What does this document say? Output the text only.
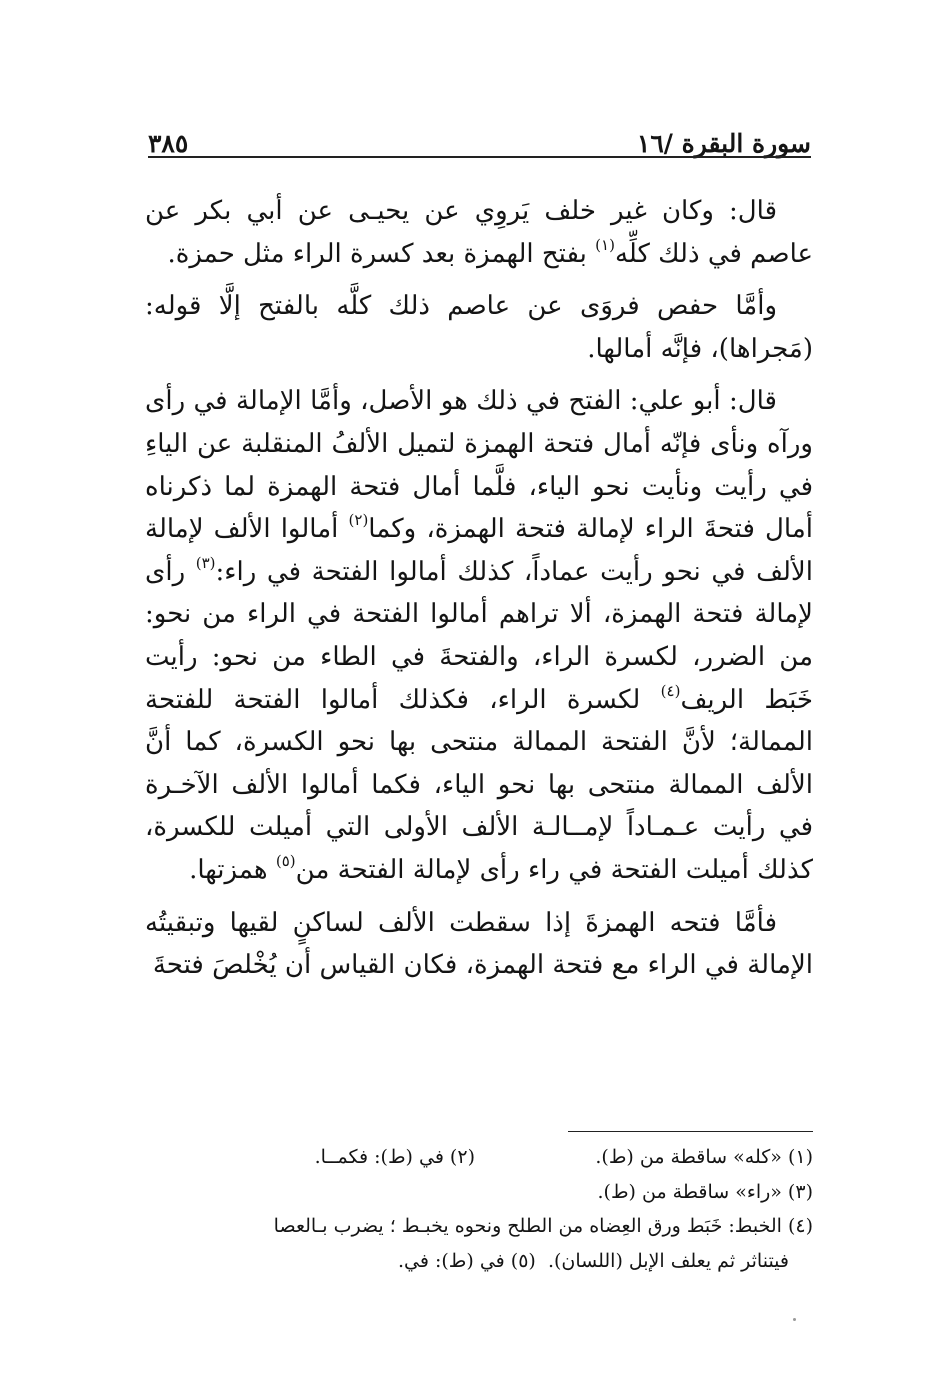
سورة البقرة /١٦
٣٨٥

قال: وكان غير خلف يَروِي عن يحيـى عن أبي بكر عن عاصم في ذلك كلِّه$^{(١)}$ بفتح الهمزة بعد كسرة الراء مثل حمزة.

وأمَّا حفص فروَى عن عاصم ذلك كلَّه بالفتح إلَّا قوله: (مَجراها)، فإنَّه أمالها.

قال: أبو علي: الفتح في ذلك هو الأصل، وأمَّا الإمالة في رأى ورآه ونأى فإنّه أمال فتحة الهمزة لتميل الألفُ المنقلبة عن الياءِ في رأيت ونأيت نحو الياء، فلَّما أمال فتحة الهمزة لما ذكرناه أمال فتحةَ الراء لإمالة فتحة الهمزة، وكما$^{(٢)}$ أمالوا الألف لإمالة الألف في نحو رأيت عماداً، كذلك أمالوا الفتحة في راء:$^{(٣)}$ رأى لإمالة فتحة الهمزة، ألا تراهم أمالوا الفتحة في الراء من نحو: من الضرر، لكسرة الراء، والفتحةَ في الطاء من نحو: رأيت خَبَط الريف$^{(٤)}$ لكسرة الراء، فكذلك أمالوا الفتحة للفتحة الممالة؛ لأنَّ الفتحة الممالة منتحى بها نحو الكسرة، كما أنَّ الألف الممالة منتحى بها نحو الياء، فكما أمالوا الألف الآخـرة في رأيت عـمـاداً لإمــالـة الألف الأولى التي أميلت للكسرة، كذلك أميلت الفتحة في راء رأى لإمالة الفتحة من$^{(٥)}$ همزتها.

فأمَّا فتحه الهمزةَ إذا سقطت الألف لساكنٍ لقيها وتبقيتُه الإمالة في الراء مع فتحة الهمزة، فكان القياس أن يُخْلصَ فتحةَ

(١) «كله» ساقطة من (ط).
(٢) في (ط): فكمــا.
(٣) «راء» ساقطة من (ط).
(٤) الخبط: خَبَط ورق العِضاه من الطلح ونحوه يخبـط ؛ يضرب بـالعصا
فيتناثر ثم يعلف الإبل (اللسان).  (٥) في (ط): في.
